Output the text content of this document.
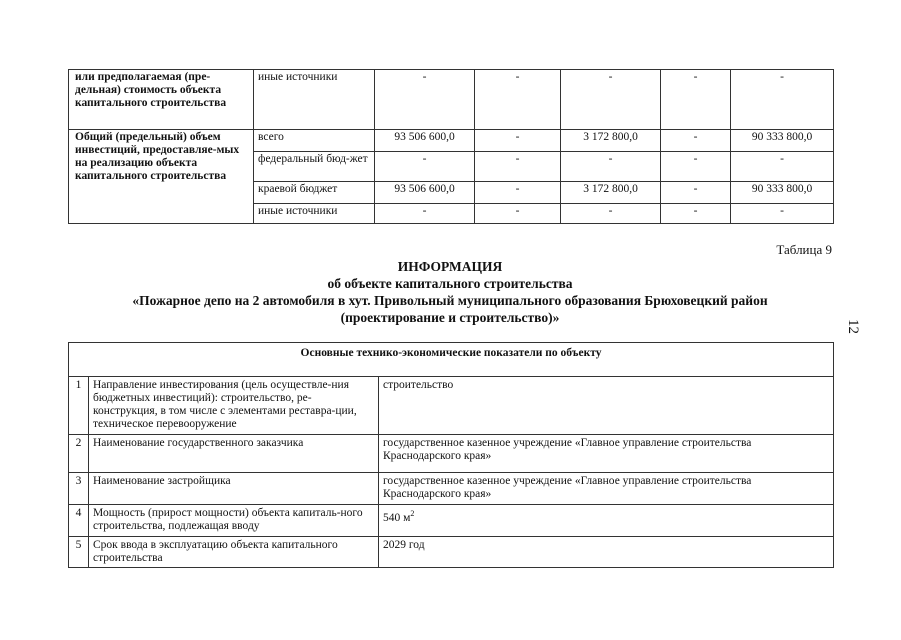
или предполагаемая (пре-дельная) стоимость объекта капитального строительства	иные источники	-	-	-	-	-
Общий (предельный) объем инвестиций, предоставляе-мых на реализацию объекта капитального строительства	всего	93 506 600,0	-	3 172 800,0	-	90 333 800,0
	федеральный бюд-жет	-	-	-	-	-
	краевой бюджет	93 506 600,0	-	3 172 800,0	-	90 333 800,0
	иные источники	-	-	-	-	-
Таблица 9
ИНФОРМАЦИЯ
об объекте капитального строительства
«Пожарное депо на 2 автомобиля в хут. Привольный муниципального образования Брюховецкий район
(проектирование и строительство)»
12
Основные технико-экономические показатели по объекту		
1	Направление инвестирования (цель осуществле-ния бюджетных инвестиций): строительство, ре-конструкция, в том числе с элементами реставра-ции, техническое перевооружение	строительство
2	Наименование государственного заказчика	государственное казенное учреждение «Главное управление строительства Краснодарского края»
3	Наименование застройщика	государственное казенное учреждение «Главное управление строительства Краснодарского края»
4	Мощность (прирост мощности) объекта капиталь-ного строительства, подлежащая вводу	540 $м^2$
5	Срок ввода в эксплуатацию объекта капитального строительства	2029 год
